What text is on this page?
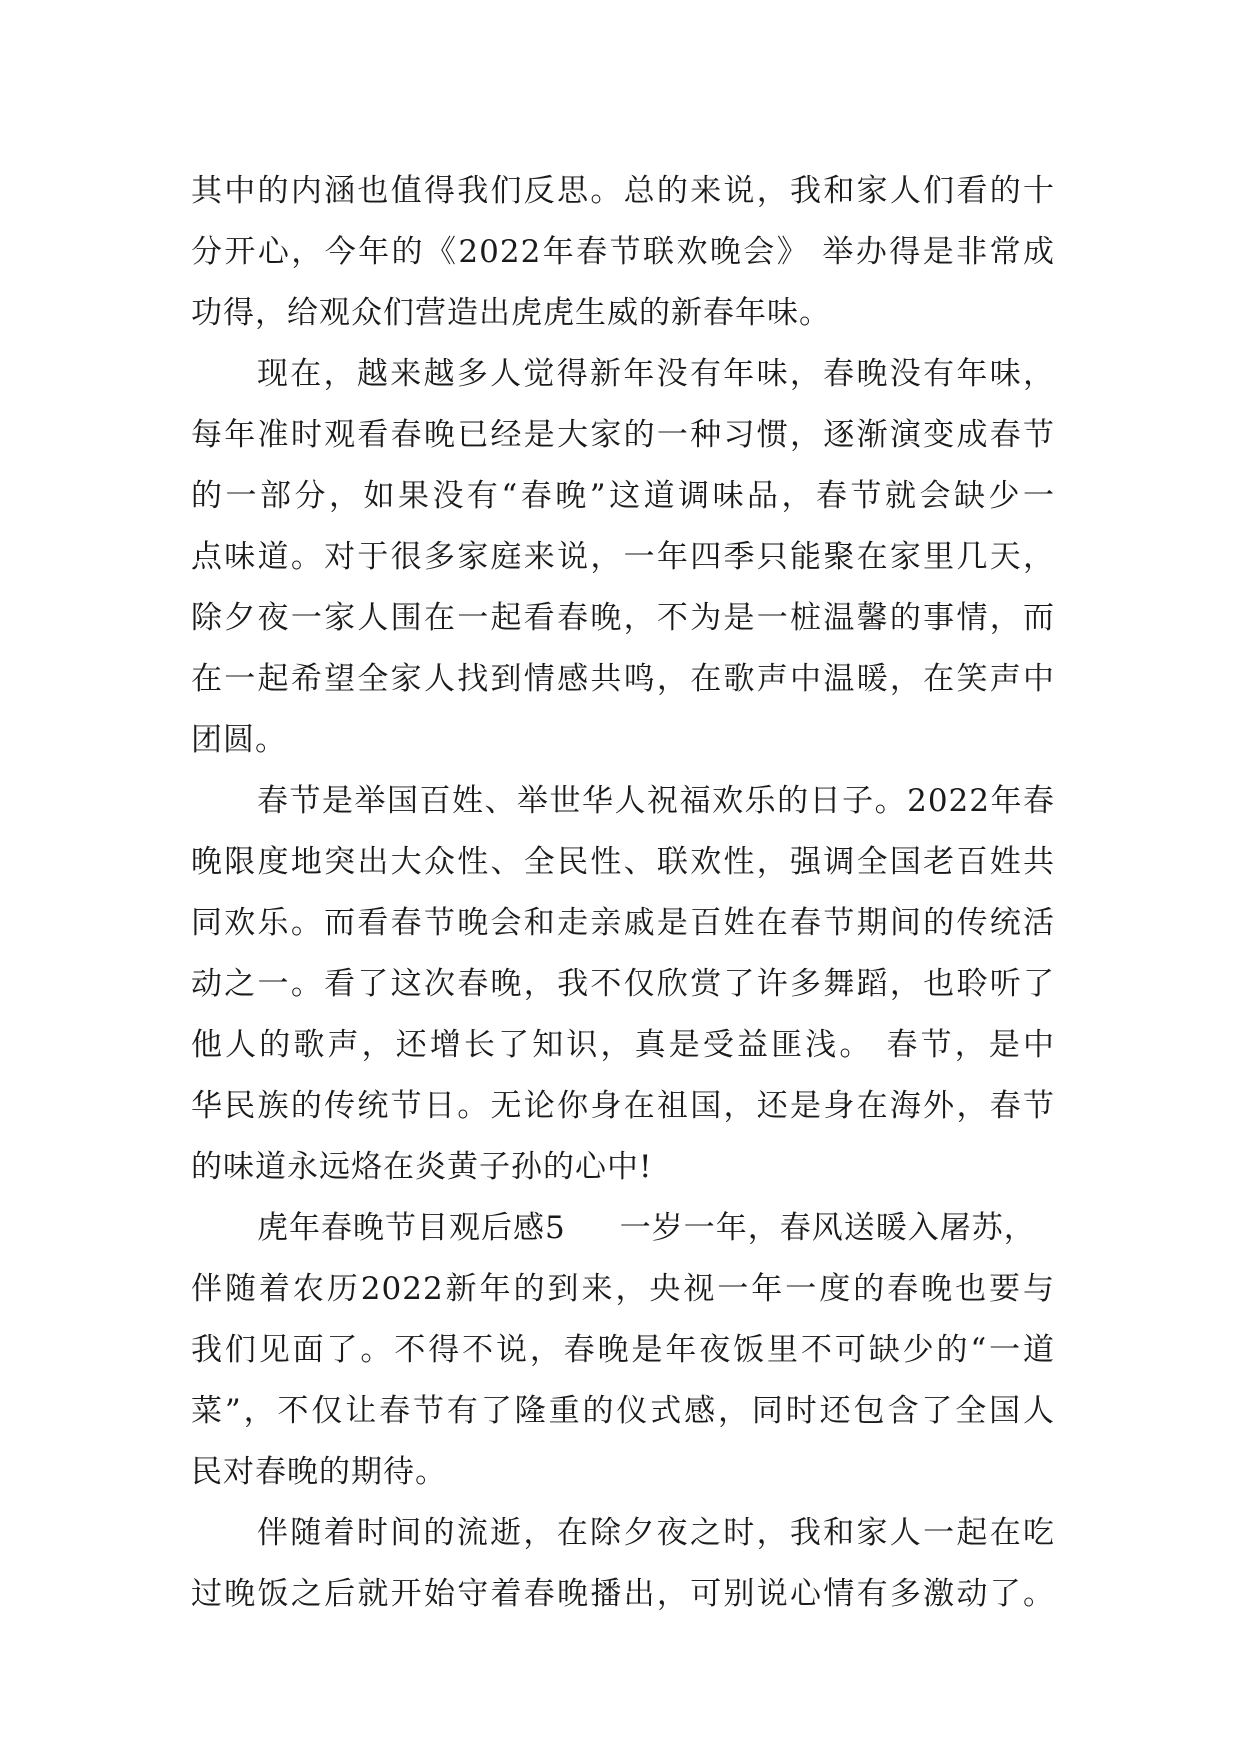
其中的内涵也值得我们反思。总的来说，我和家人们看的十
分开心，今年的《2022年春节联欢晚会》 举办得是非常成
功得，给观众们营造出虎虎生威的新春年味。
现在，越来越多人觉得新年没有年味，春晚没有年味，
每年准时观看春晚已经是大家的一种习惯，逐渐演变成春节
的一部分，如果没有“春晚”这道调味品，春节就会缺少一
点味道。对于很多家庭来说，一年四季只能聚在家里几天，
除夕夜一家人围在一起看春晚，不为是一桩温馨的事情，而
在一起希望全家人找到情感共鸣，在歌声中温暖，在笑声中
团圆。
春节是举国百姓、举世华人祝福欢乐的日子。2022年春
晚限度地突出大众性、全民性、联欢性，强调全国老百姓共
同欢乐。而看春节晚会和走亲戚是百姓在春节期间的传统活
动之一。看了这次春晚，我不仅欣赏了许多舞蹈，也聆听了
他人的歌声，还增长了知识，真是受益匪浅。 春节，是中
华民族的传统节日。无论你身在祖国，还是身在海外，春节
的味道永远烙在炎黄子孙的心中!
虎年春晚节目观后感5 一岁一年，春风送暖入屠苏，
伴随着农历2022新年的到来，央视一年一度的春晚也要与
我们见面了。不得不说，春晚是年夜饭里不可缺少的“一道
菜”，不仅让春节有了隆重的仪式感，同时还包含了全国人
民对春晚的期待。
伴随着时间的流逝，在除夕夜之时，我和家人一起在吃
过晚饭之后就开始守着春晚播出，可别说心情有多激动了。
